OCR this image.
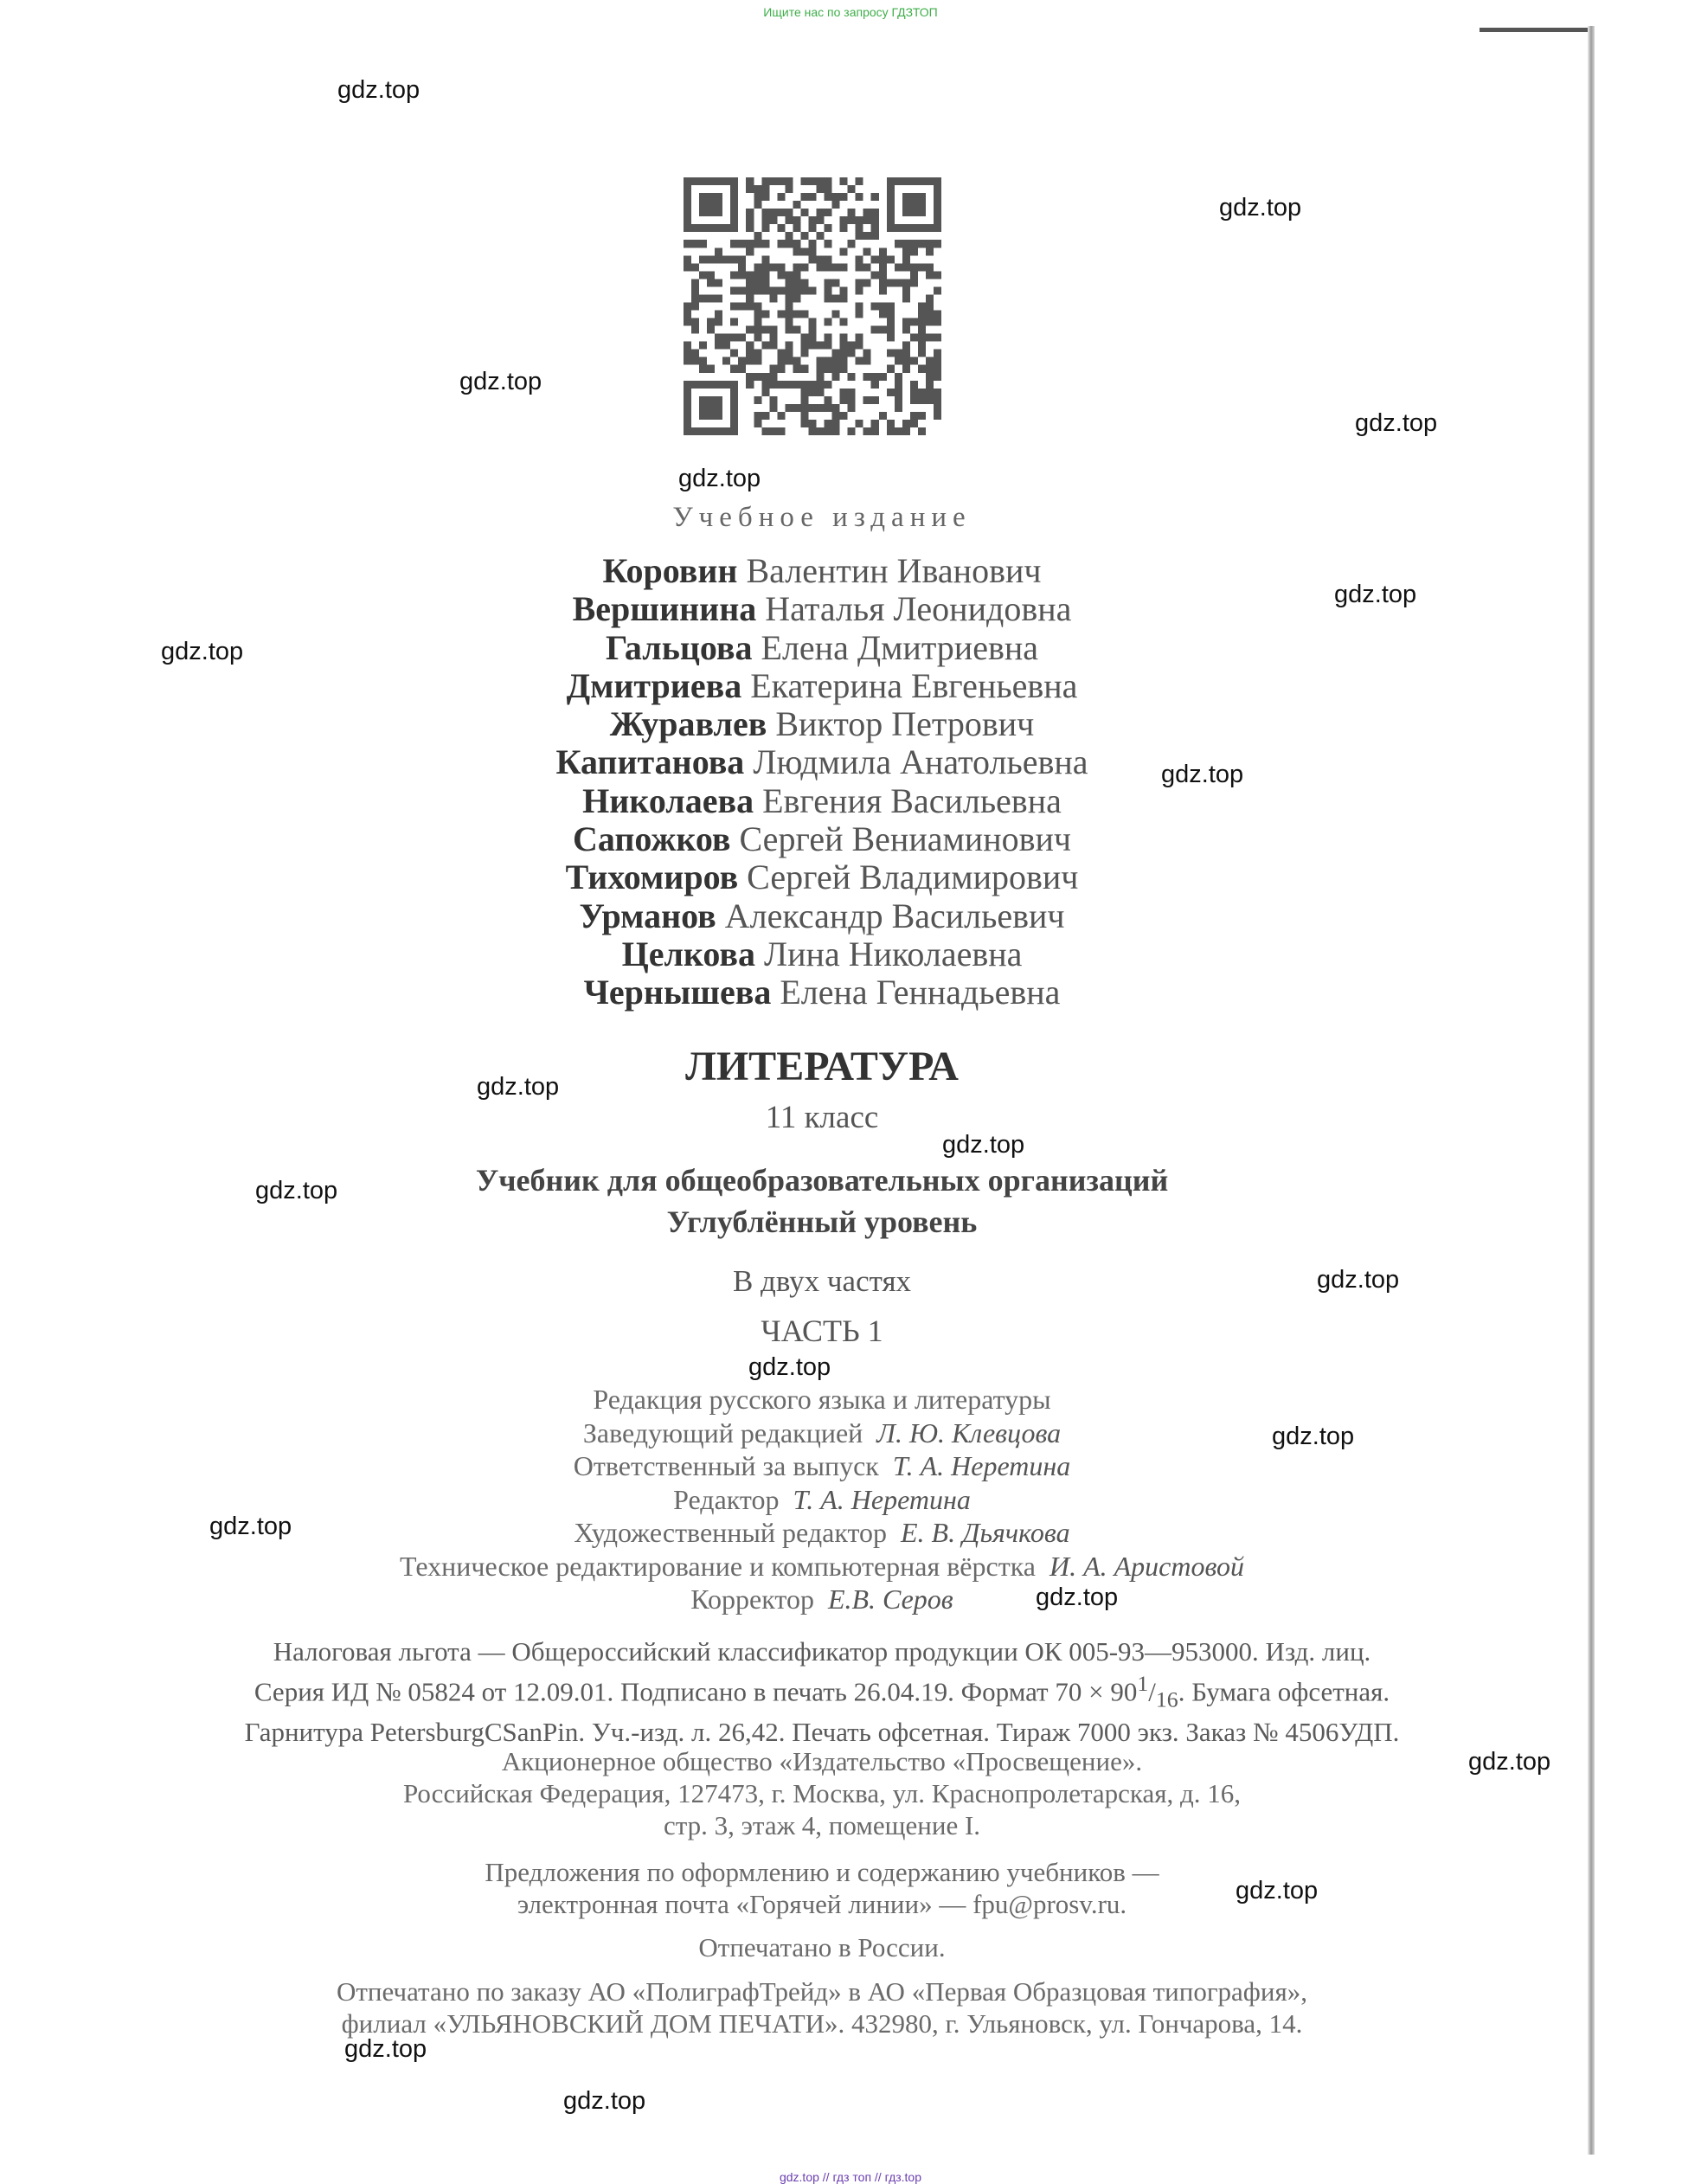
Ищите нас по запросу ГДЗТОП
gdz.top
gdz.top
gdz.top
gdz.top
gdz.top
gdz.top
gdz.top
gdz.top
gdz.top
gdz.top
gdz.top
gdz.top
gdz.top
gdz.top
gdz.top
gdz.top
gdz.top
gdz.top
gdz.top
gdz.top
Учебное издание
Коровин Валентин Иванович
Вершинина Наталья Леонидовна
Гальцова Елена Дмитриевна
Дмитриева Екатерина Евгеньевна
Журавлев Виктор Петрович
Капитанова Людмила Анатольевна
Николаева Евгения Васильевна
Сапожков Сергей Вениаминович
Тихомиров Сергей Владимирович
Урманов Александр Васильевич
Целкова Лина Николаевна
Чернышева Елена Геннадьевна
ЛИТЕРАТУРА
11 класс
Учебник для общеобразовательных организаций
Углублённый уровень
В двух частях
ЧАСТЬ 1
Редакция русского языка и литературы
Заведующий редакцией Л. Ю. Клевцова
Ответственный за выпуск Т. А. Неретина
Редактор Т. А. Неретина
Художественный редактор Е. В. Дьячкова
Техническое редактирование и компьютерная вёрстка И. А. Аристовой
Корректор Е.В. Серов
Налоговая льгота — Общероссийский классификатор продукции ОК 005-93—953000. Изд. лиц.
Серия ИД № 05824 от 12.09.01. Подписано в печать 26.04.19. Формат $70 \times 90^1/_{16}$. Бумага офсетная.
Гарнитура PetersburgCSanPin. Уч.-изд. л. 26,42. Печать офсетная. Тираж 7000 экз. Заказ № 4506УДП.
Акционерное общество «Издательство «Просвещение».
Российская Федерация, 127473, г. Москва, ул. Краснопролетарская, д. 16,
стр. 3, этаж 4, помещение I.
Предложения по оформлению и содержанию учебников —
электронная почта «Горячей линии» — fpu@prosv.ru.
Отпечатано в России.
Отпечатано по заказу АО «ПолиграфТрейд» в АО «Первая Образцовая типография»,
филиал «УЛЬЯНОВСКИЙ ДОМ ПЕЧАТИ». 432980, г. Ульяновск, ул. Гончарова, 14.
gdz.top // гдз топ // гдз.top
